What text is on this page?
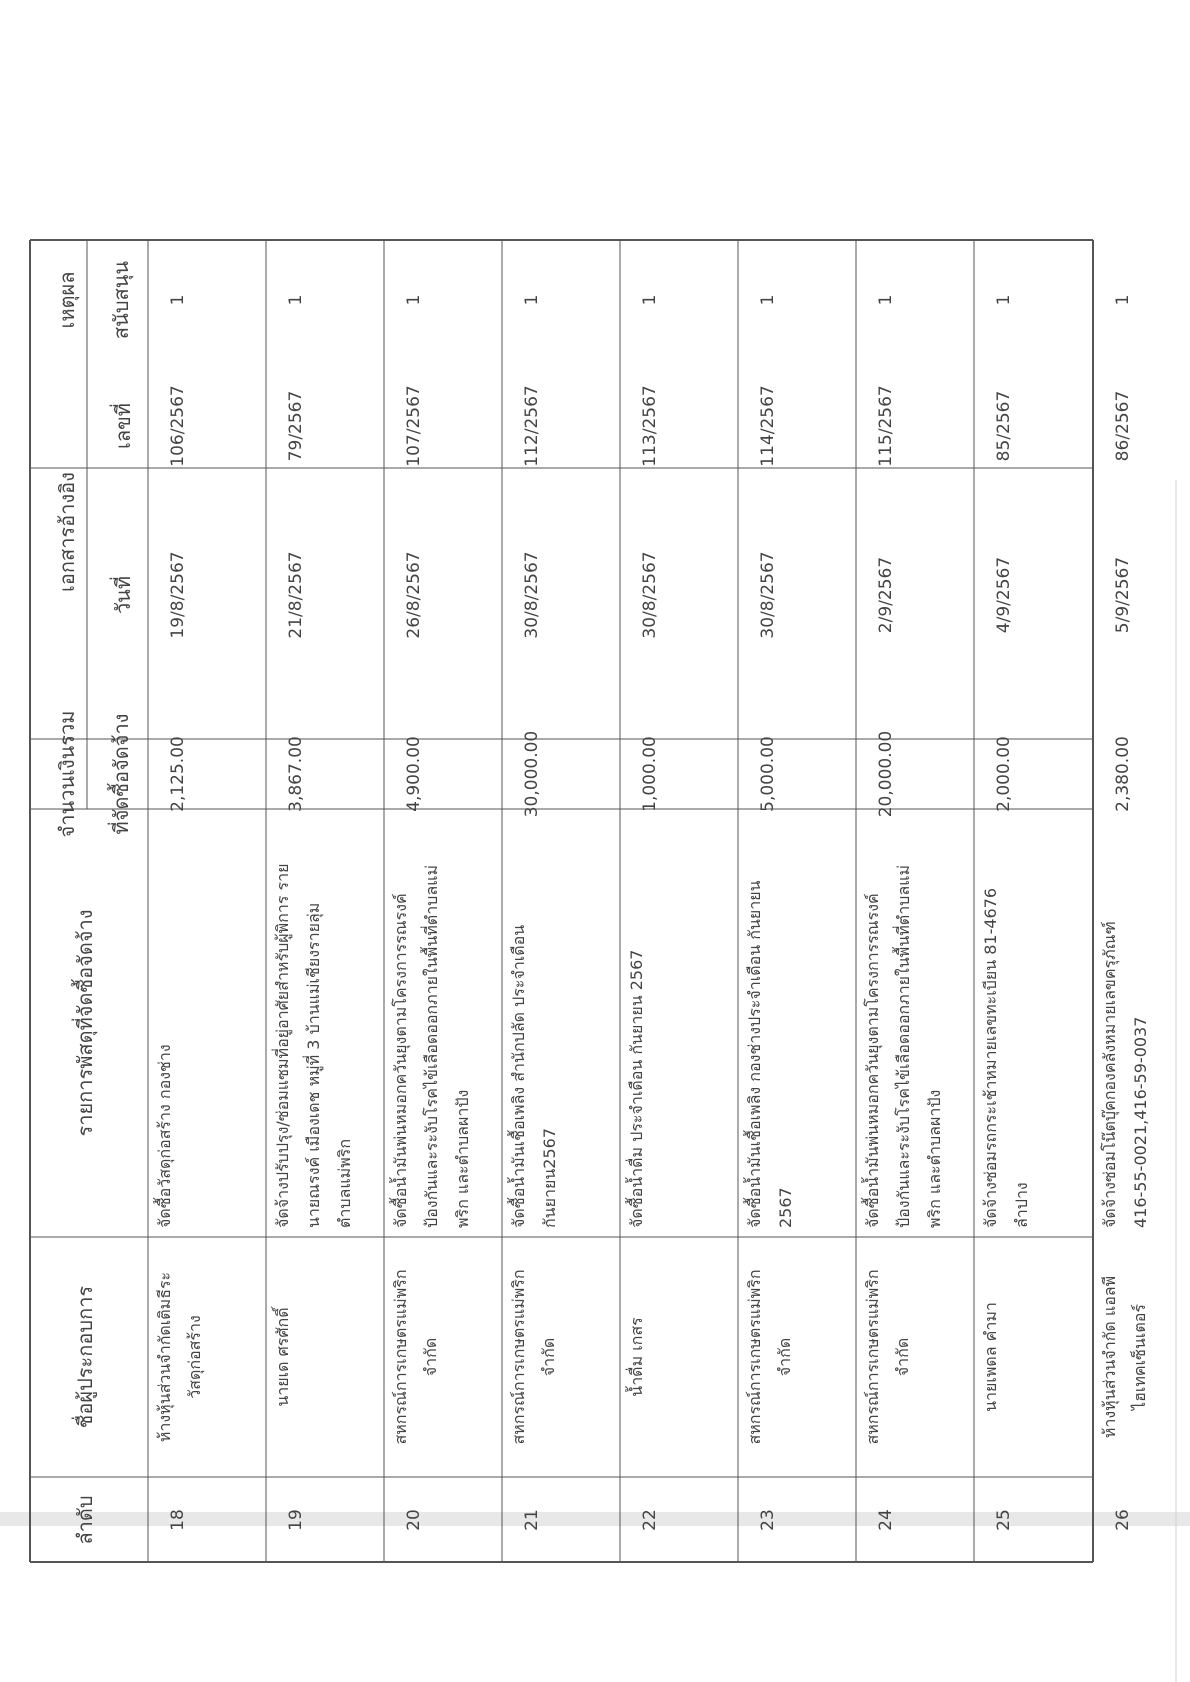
ลำดับ
ชื่อผู้ประกอบการ
รายการพัสดุที่จัดซื้อจัดจ้าง
จำนวนเงินรวม ที่จัดซื้อจัดจ้าง
เอกสารอ้างอิง
วันที่
เลขที่
เหตุผล สนับสนุน
18
ห้างหุ้นส่วนจำกัดเติมธีระ วัสดุก่อสร้าง
จัดซื้อวัสดุก่อสร้าง กองช่าง
2,125.00
19/8/2567
106/2567
1
19
นายเด ศรศักดิ์
จัดจ้างปรับปรุง/ซ่อมแซมที่อยู่อาศัยสำหรับผู้พิการ ราย นายณรงค์ เมืองเดช หมู่ที่ 3 บ้านแม่เชียงรายลุ่ม ตำบลแม่พริก
3,867.00
21/8/2567
79/2567
1
20
สหกรณ์การเกษตรแม่พริก จำกัด
จัดซื้อน้ำมันพ่นหมอกควันยุงตามโครงการรณรงค์ ป้องกันและระงับโรคไข้เลือดออกภายในพื้นที่ตำบลแม่ พริก และตำบลผาปัง
4,900.00
26/8/2567
107/2567
1
21
สหกรณ์การเกษตรแม่พริก จำกัด
จัดซื้อน้ำมันเชื้อเพลิง สำนักปลัด ประจำเดือน กันยายน2567
30,000.00
30/8/2567
112/2567
1
22
น้ำดื่ม เกสร
จัดซื้อน้ำดื่ม ประจำเดือน กันยายน 2567
1,000.00
30/8/2567
113/2567
1
23
สหกรณ์การเกษตรแม่พริก จำกัด
จัดซื้อน้ำมันเชื้อเพลิง กองช่างประจำเดือน กันยายน 2567
5,000.00
30/8/2567
114/2567
1
24
สหกรณ์การเกษตรแม่พริก จำกัด
จัดซื้อน้ำมันพ่นหมอกควันยุงตามโครงการรณรงค์ ป้องกันและระงับโรคไข้เลือดออกภายในพื้นที่ตำบลแม่ พริก และตำบลผาปัง
20,000.00
2/9/2567
115/2567
1
25
นายเพดล คำมา
จัดจ้างซ่อมรถกระเช้าหมายเลขทะเบียน 81-4676 ลำปาง
2,000.00
4/9/2567
85/2567
1
26
ห้างหุ้นส่วนจำกัด แอลพี ไฮเทคเซ็นเตอร์
จัดจ้างซ่อมโน๊ตบุ๊คกองคลังหมายเลขครุภัณฑ์ 416-55-0021,416-59-0037
2,380.00
5/9/2567
86/2567
1
